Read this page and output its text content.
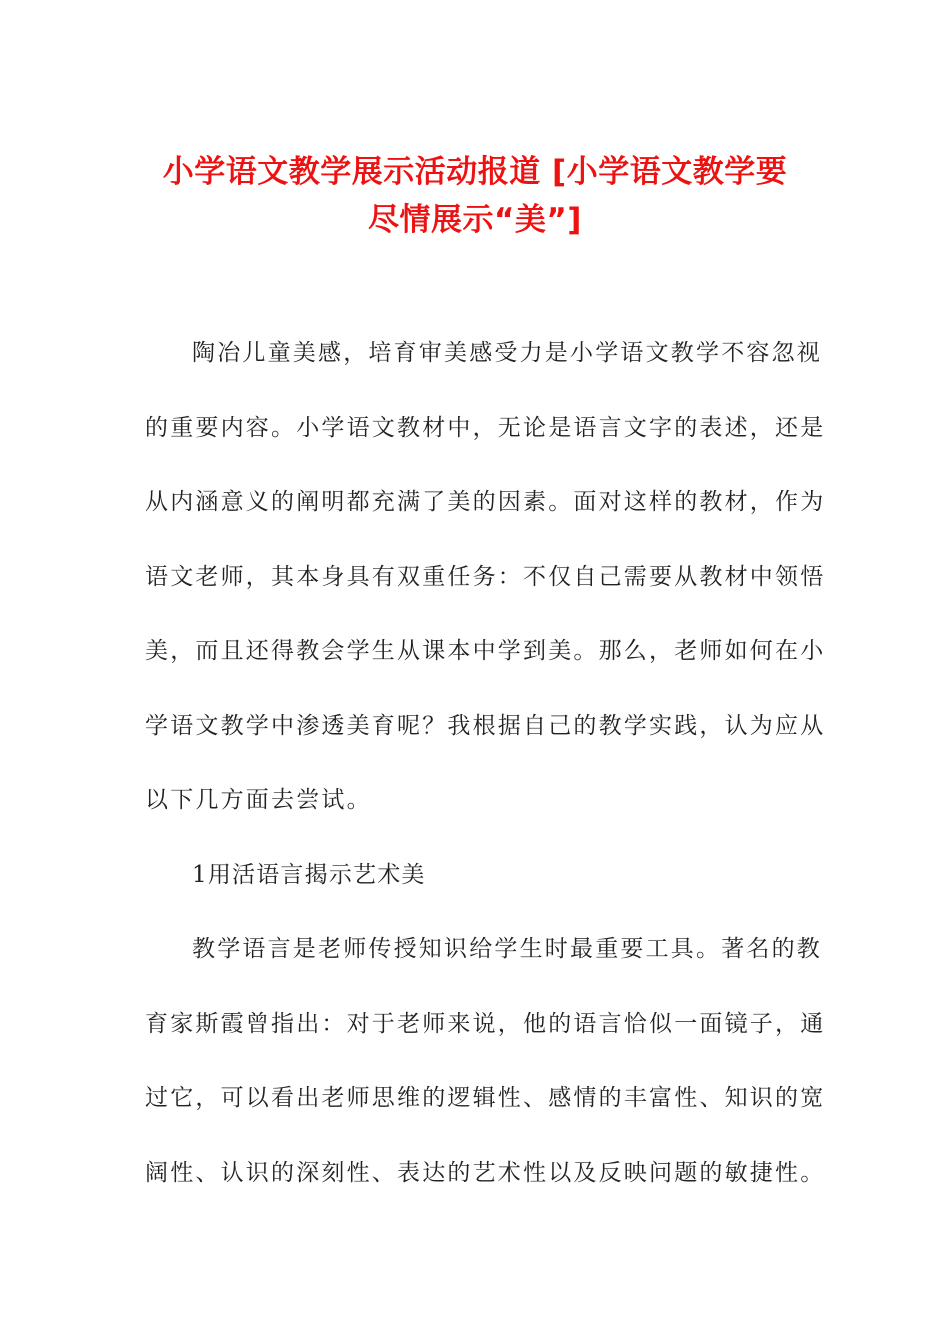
小学语文教学展示活动报道 [小学语文教学要
尽情展示“美”]
陶冶儿童美感，培育审美感受力是小学语文教学不容忽视
的重要内容。小学语文教材中，无论是语言文字的表述，还是
从内涵意义的阐明都充满了美的因素。面对这样的教材，作为
语文老师，其本身具有双重任务：不仅自己需要从教材中领悟
美，而且还得教会学生从课本中学到美。那么，老师如何在小
学语文教学中渗透美育呢？我根据自己的教学实践，认为应从
以下几方面去尝试。
1用活语言揭示艺术美
教学语言是老师传授知识给学生时最重要工具。著名的教
育家斯霞曾指出：对于老师来说，他的语言恰似一面镜子，通
过它，可以看出老师思维的逻辑性、感情的丰富性、知识的宽
阔性、认识的深刻性、表达的艺术性以及反映问题的敏捷性。
